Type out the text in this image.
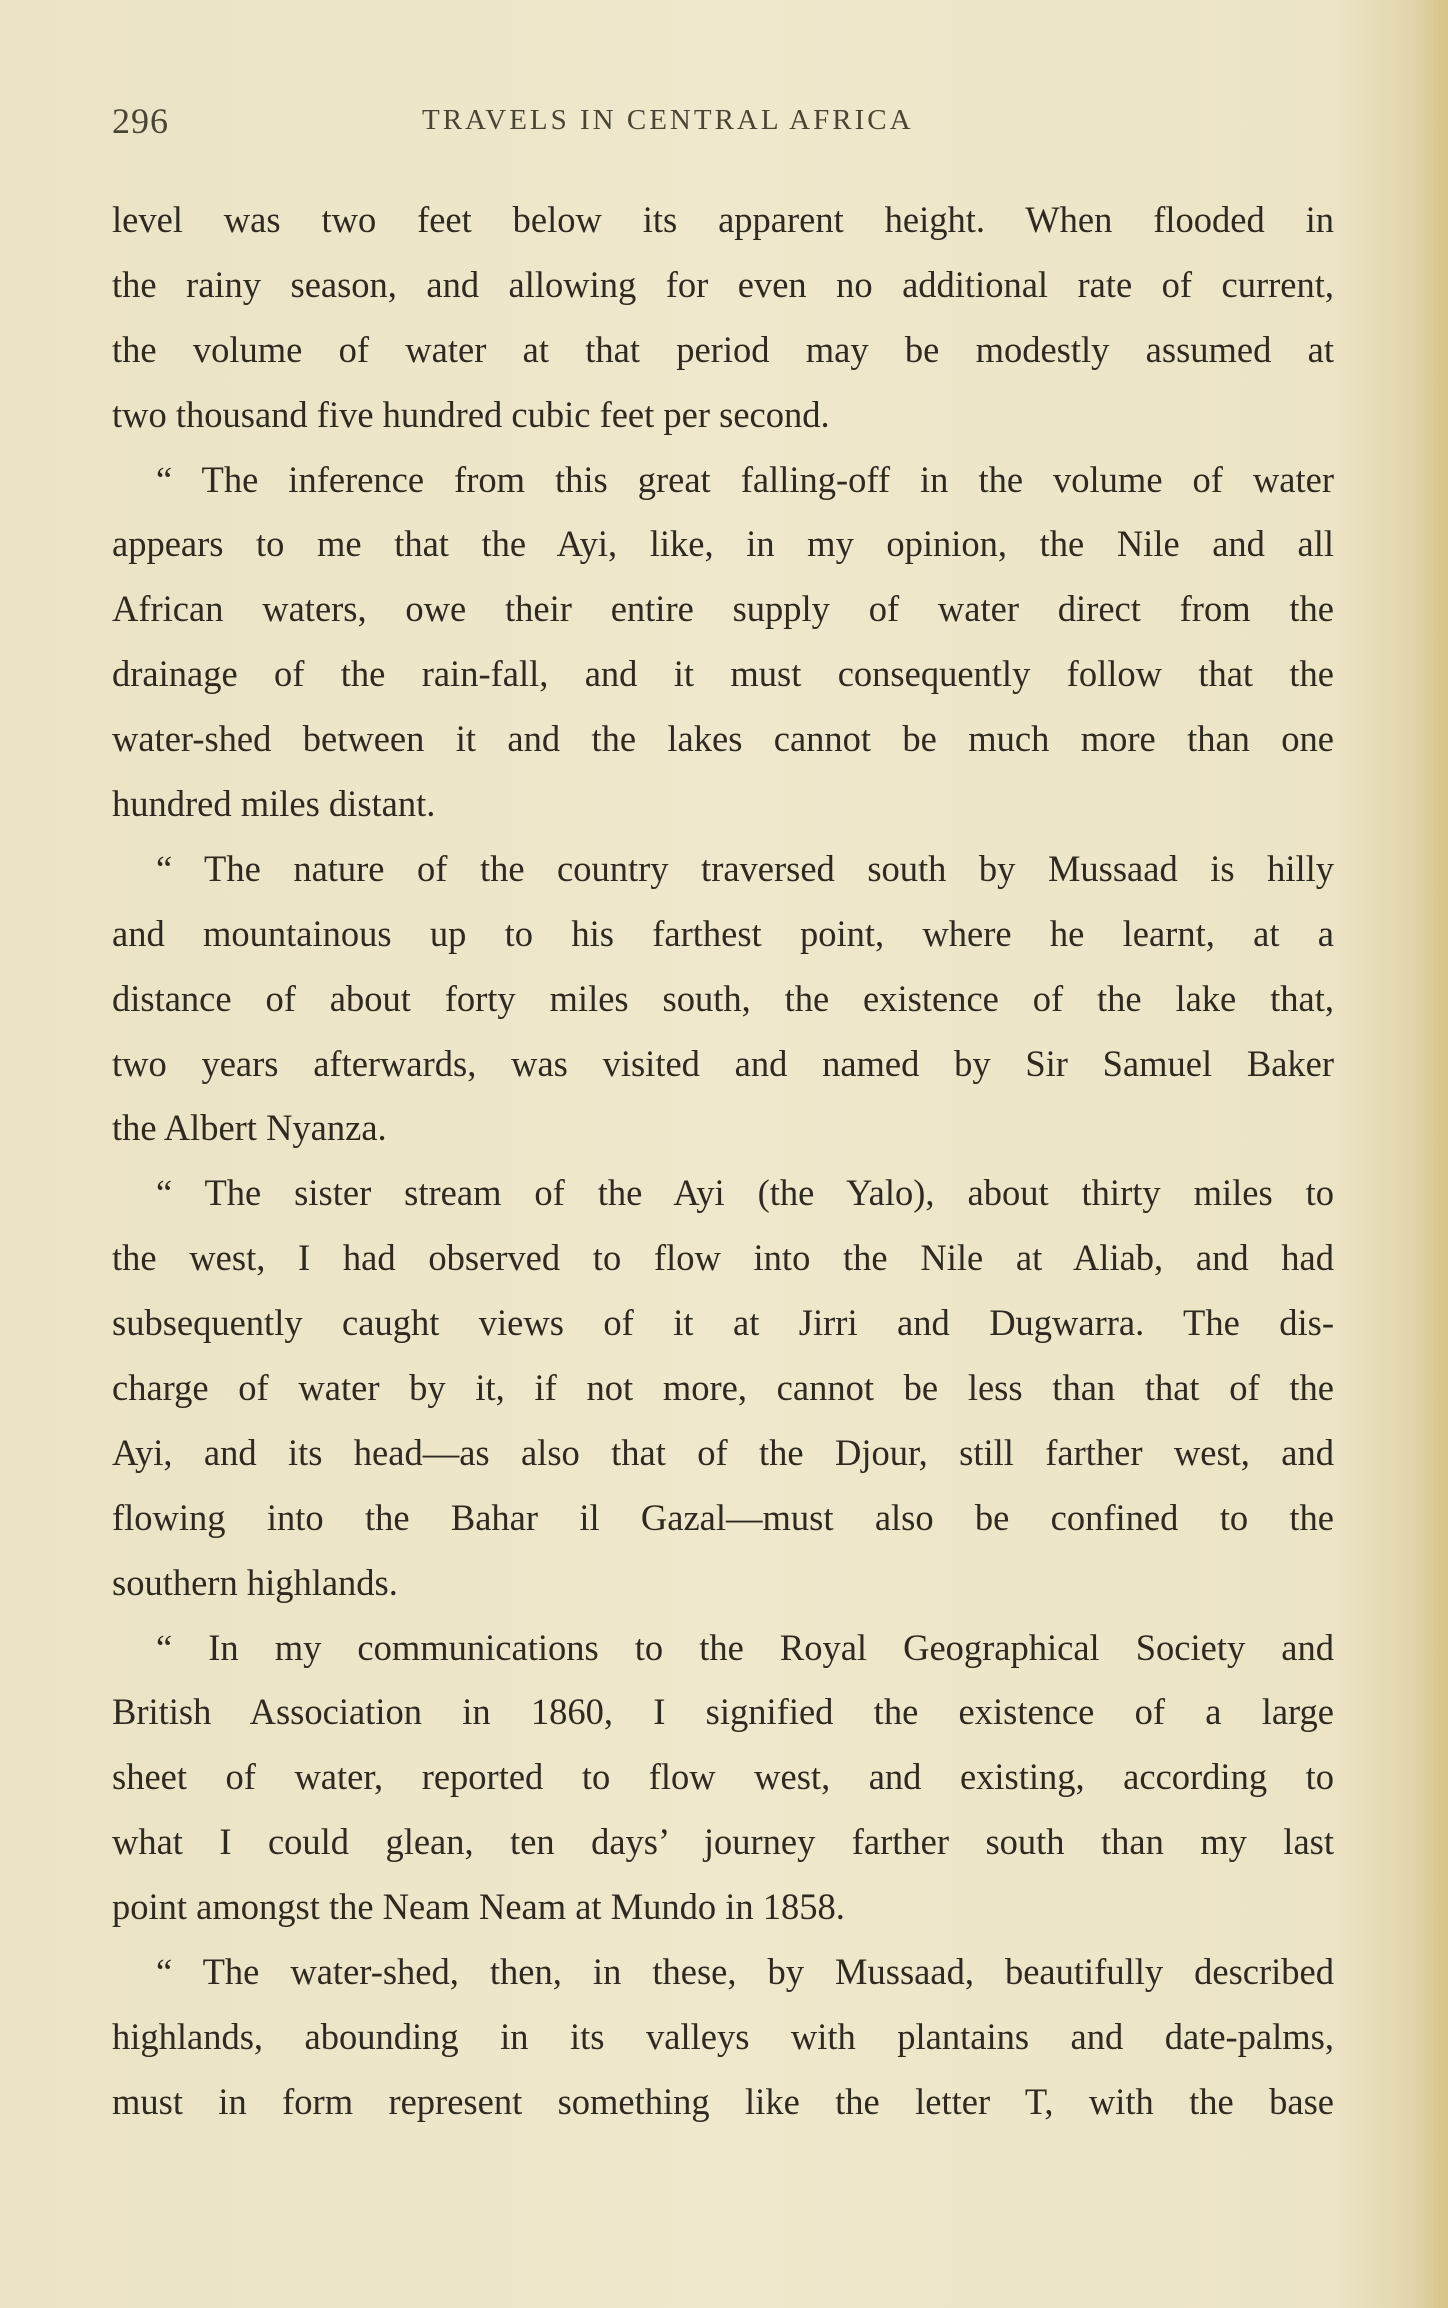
296	TRAVELS IN CENTRAL AFRICA
level was two feet below its apparent height. When flooded in
the rainy season, and allowing for even no additional rate of current,
the volume of water at that period may be modestly assumed at
two thousand five hundred cubic feet per second.
“ The inference from this great falling-off in the volume of water
appears to me that the Ayi, like, in my opinion, the Nile and all
African waters, owe their entire supply of water direct from the
drainage of the rain-fall, and it must consequently follow that the
water-shed between it and the lakes cannot be much more than one
hundred miles distant.
“ The nature of the country traversed south by Mussaad is hilly
and mountainous up to his farthest point, where he learnt, at a
distance of about forty miles south, the existence of the lake that,
two years afterwards, was visited and named by Sir Samuel Baker
the Albert Nyanza.
“ The sister stream of the Ayi (the Yalo), about thirty miles to
the west, I had observed to flow into the Nile at Aliab, and had
subsequently caught views of it at Jirri and Dugwarra. The dis-
charge of water by it, if not more, cannot be less than that of the
Ayi, and its head—as also that of the Djour, still farther west, and
flowing into the Bahar il Gazal—must also be confined to the
southern highlands.
“ In my communications to the Royal Geographical Society and
British Association in 1860, I signified the existence of a large
sheet of water, reported to flow west, and existing, according to
what I could glean, ten days’ journey farther south than my last
point amongst the Neam Neam at Mundo in 1858.
“ The water-shed, then, in these, by Mussaad, beautifully described
highlands, abounding in its valleys with plantains and date-palms,
must in form represent something like the letter T, with the base
